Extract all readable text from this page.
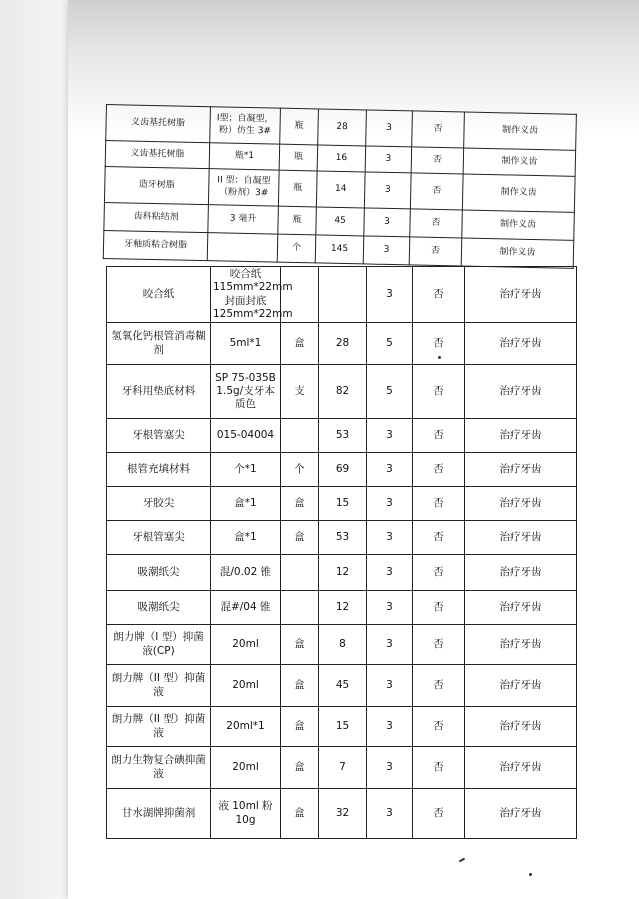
义齿基托树脂	I型；自凝型，粉）仿生 3#	瓶	28	3	否	制作义齿
义齿基托树脂	瓶*1	瓶	16	3	否	制作义齿
造牙树脂	II 型：自凝型（粉剂）3#	瓶	14	3	否	制作义齿
齿科粘结剂	3 毫升	瓶	45	3	否	制作义齿
牙釉质粘合树脂		个	145	3	否	制作义齿
咬合纸	咬合纸 115mm*22mm 封面封底 125mm*22mm			3	否	治疗牙齿
氢氧化钙根管消毒糊剂	5ml*1	盒	28	5	否	治疗牙齿
牙科用垫底材料	SP 75-035B 1.5g/支牙本质色	支	82	5	否	治疗牙齿
牙根管塞尖	015-04004		53	3	否	治疗牙齿
根管充填材料	个*1	个	69	3	否	治疗牙齿
牙胶尖	盒*1	盒	15	3	否	治疗牙齿
牙根管塞尖	盒*1	盒	53	3	否	治疗牙齿
吸潮纸尖	混/0.02 锥		12	3	否	治疗牙齿
吸潮纸尖	混#/04 锥		12	3	否	治疗牙齿
朗力牌（I 型）抑菌液(CP)	20ml	盒	8	3	否	治疗牙齿
朗力牌（II 型）抑菌液	20ml	盒	45	3	否	治疗牙齿
朗力牌（II 型）抑菌液	20ml*1	盒	15	3	否	治疗牙齿
朗力生物复合碘抑菌液	20ml	盒	7	3	否	治疗牙齿
甘水湖牌抑菌剂	液 10ml 粉 10g	盒	32	3	否	治疗牙齿
